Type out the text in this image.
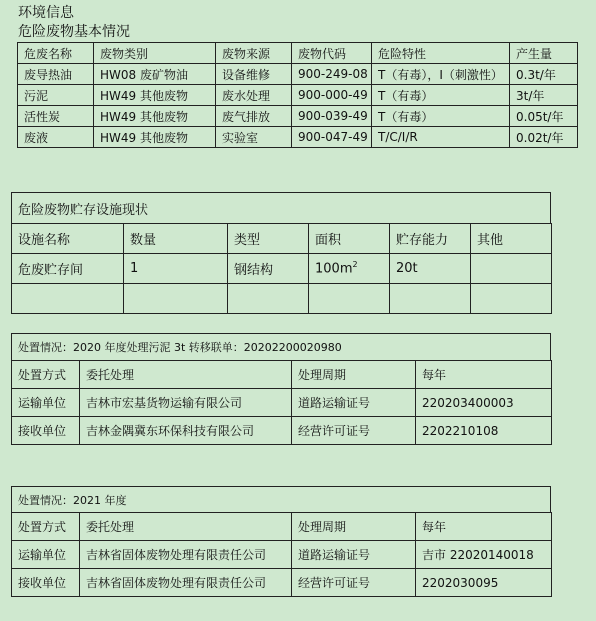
环境信息
危险废物基本情况
危废名称	废物类别	废物来源	废物代码	危险特性	产生量
废导热油	HW08 废矿物油	设备维修	900-249-08	T（有毒），I（刺激性）	0.3t/年
污泥	HW49 其他废物	废水处理	900-000-49	T（有毒）	3t/年
活性炭	HW49 其他废物	废气排放	900-039-49	T（有毒）	0.05t/年
废液	HW49 其他废物	实验室	900-047-49	T/C/I/R	0.02t/年
危险废物贮存设施现状
设施名称	数量	类型	面积	贮存能力	其他
危废贮存间	1	钢结构	$100m^2$	20t	

处置情况：2020 年度处理污泥 3t 转移联单：20202200020980
处置方式	委托处理	处理周期	每年
运输单位	吉林市宏基货物运输有限公司	道路运输证号	220203400003
接收单位	吉林金隅冀东环保科技有限公司	经营许可证号	2202210108
处置情况：2021 年度
处置方式	委托处理	处理周期	每年
运输单位	吉林省固体废物处理有限责任公司	道路运输证号	吉市 22020140018
接收单位	吉林省固体废物处理有限责任公司	经营许可证号	2202030095
